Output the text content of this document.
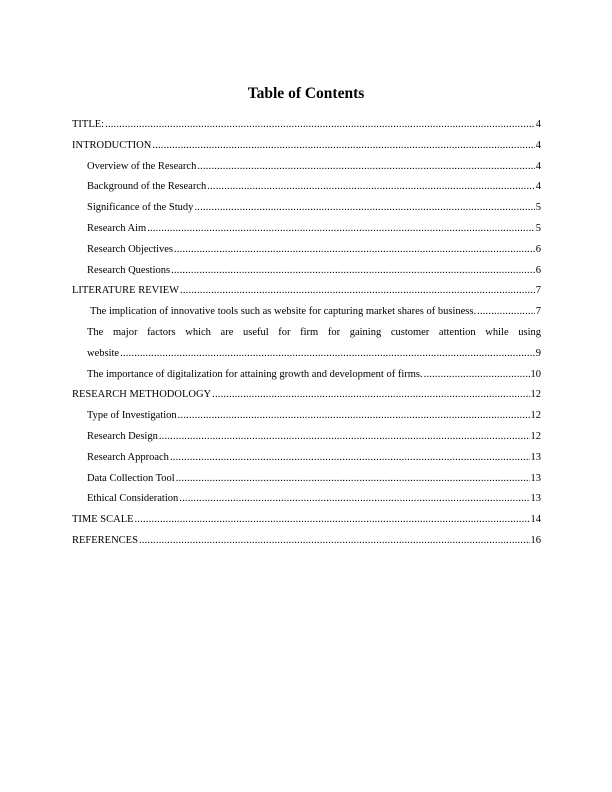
Table of Contents
TITLE: .....	4
INTRODUCTION .....	4
Overview of the Research .....	4
Background of the Research .....	4
Significance of the Study .....	5
Research Aim .....	5
Research Objectives .....	6
Research Questions .....	6
LITERATURE REVIEW .....	7
The implication of innovative tools such as website for capturing market shares of business. .....	7
The major factors which are useful for firm for gaining customer attention while using
website .....	9
The importance of digitalization for attaining growth and development of firms. .....	10
RESEARCH METHODOLOGY .....	12
Type of Investigation .....	12
Research Design .....	12
Research Approach .....	13
Data Collection Tool .....	13
Ethical Consideration .....	13
TIME SCALE .....	14
REFERENCES .....	16
